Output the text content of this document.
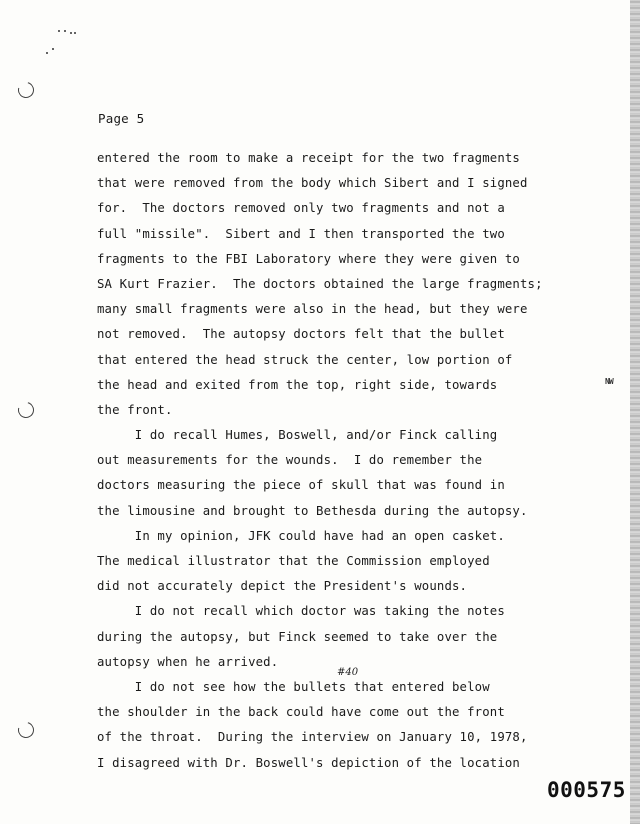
Page 5
entered the room to make a receipt for the two fragments
that were removed from the body which Sibert and I signed
for.  The doctors removed only two fragments and not a
full "missile".  Sibert and I then transported the two
fragments to the FBI Laboratory where they were given to
SA Kurt Frazier.  The doctors obtained the large fragments;
many small fragments were also in the head, but they were
not removed.  The autopsy doctors felt that the bullet
that entered the head struck the center, low portion of
the head and exited from the top, right side, towards
the front.
I do recall Humes, Boswell, and/or Finck calling
out measurements for the wounds.  I do remember the
doctors measuring the piece of skull that was found in
the limousine and brought to Bethesda during the autopsy.
In my opinion, JFK could have had an open casket.
The medical illustrator that the Commission employed
did not accurately depict the President's wounds.
I do not recall which doctor was taking the notes
during the autopsy, but Finck seemed to take over the
autopsy when he arrived.
I do not see how the bullets that entered below
the shoulder in the back could have come out the front
of the throat.  During the interview on January 10, 1978,
I disagreed with Dr. Boswell's depiction of the location
#40
NW
000575
